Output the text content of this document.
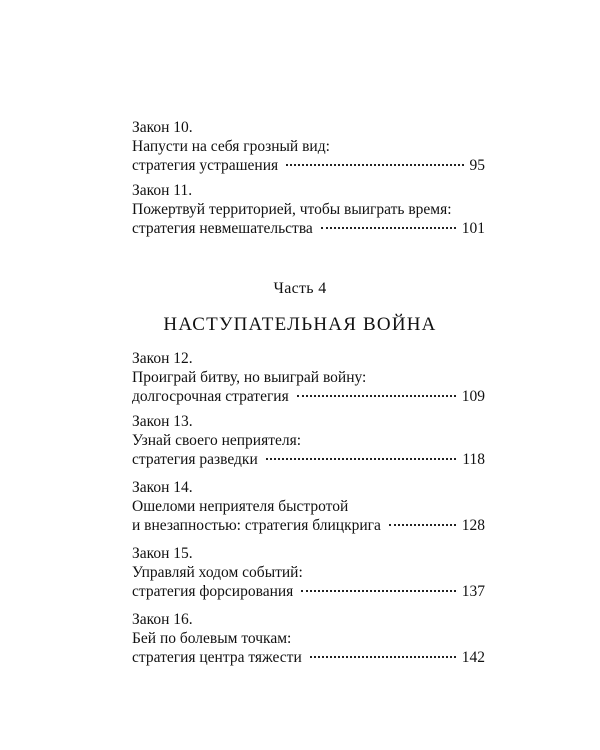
Закон 10.
Напусти на себя грозный вид:
стратегия устрашения	95
Закон 11.
Пожертвуй территорией, чтобы выиграть время:
стратегия невмешательства	101
Часть 4
НАСТУПАТЕЛЬНАЯ ВОЙНА
Закон 12.
Проиграй битву, но выиграй войну:
долгосрочная стратегия	109
Закон 13.
Узнай своего неприятеля:
стратегия разведки	118
Закон 14.
Ошеломи неприятеля быстротой
и внезапностью: стратегия блицкрига	128
Закон 15.
Управляй ходом событий:
стратегия форсирования	137
Закон 16.
Бей по болевым точкам:
стратегия центра тяжести	142
